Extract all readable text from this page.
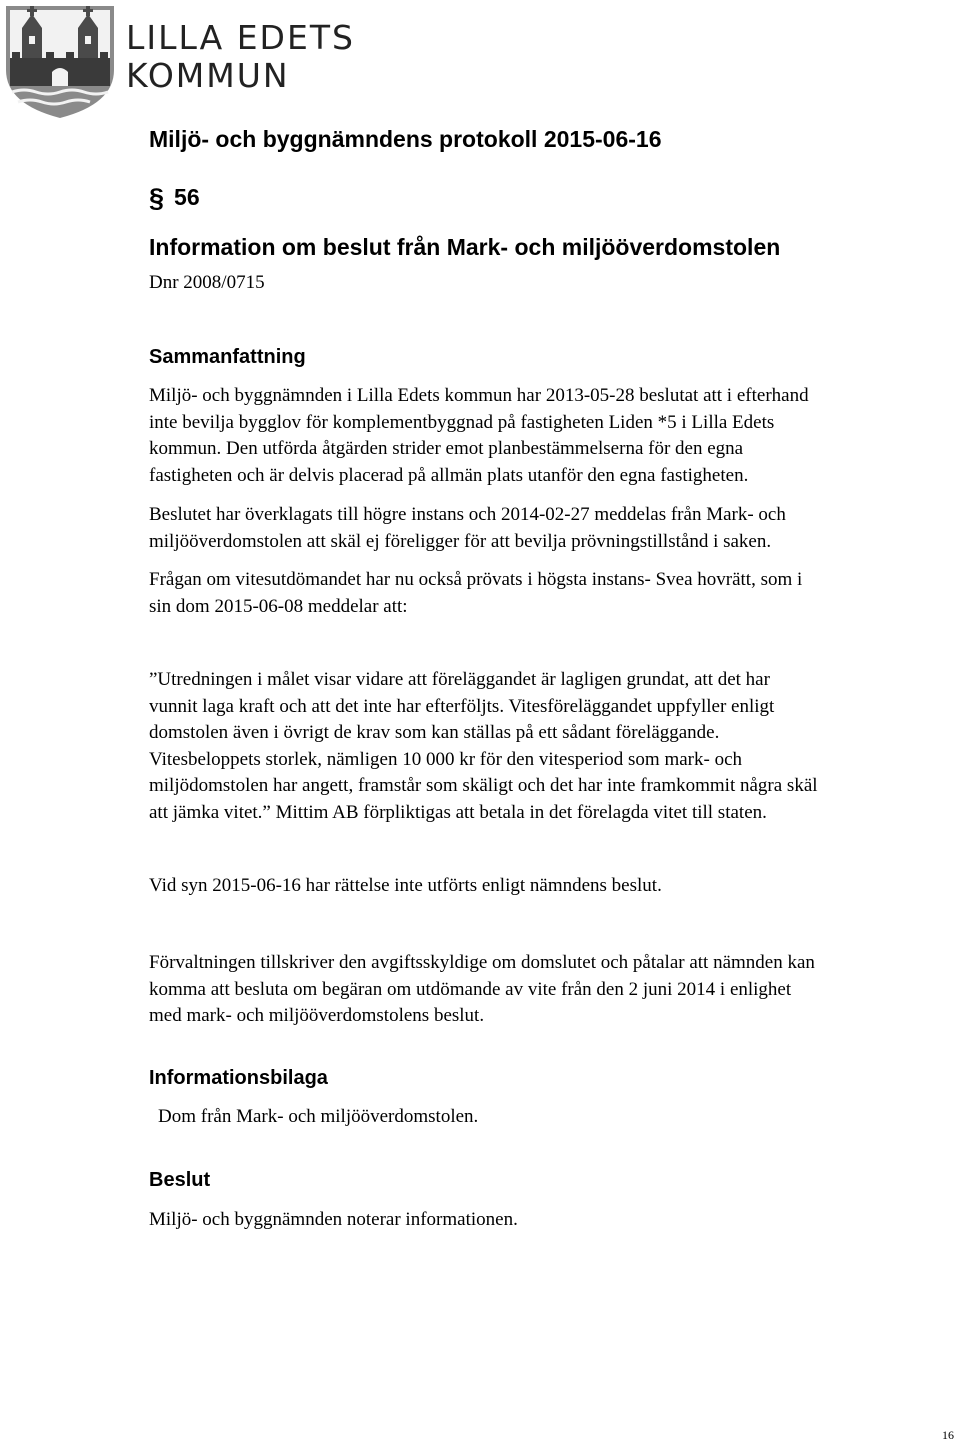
LILLA EDETS
KOMMUN
Miljö- och byggnämndens protokoll 2015-06-16
§ 56
Information om beslut från Mark- och miljööverdomstolen
Dnr 2008/0715
Sammanfattning

Miljö- och byggnämnden i Lilla Edets kommun har 2013-05-28 beslutat att i efterhand
inte bevilja bygglov för komplementbyggnad på fastigheten Liden *5 i Lilla Edets
kommun. Den utförda åtgärden strider emot planbestämmelserna för den egna
fastigheten och är delvis placerad på allmän plats utanför den egna fastigheten.

Beslutet har överklagats till högre instans och 2014-02-27 meddelas från Mark- och
miljööverdomstolen att skäl ej föreligger för att bevilja prövningstillstånd i saken.

Frågan om vitesutdömandet har nu också prövats i högsta instans- Svea hovrätt, som i
sin dom 2015-06-08 meddelar att:

”Utredningen i målet visar vidare att föreläggandet är lagligen grundat, att det har
vunnit laga kraft och att det inte har efterföljts. Vitesföreläggandet uppfyller enligt
domstolen även i övrigt de krav som kan ställas på ett sådant föreläggande.
Vitesbeloppets storlek, nämligen 10 000 kr för den vitesperiod som mark- och
miljödomstolen har angett, framstår som skäligt och det har inte framkommit några skäl
att jämka vitet.” Mittim AB förpliktigas att betala in det förelagda vitet till staten.

Vid syn 2015-06-16 har rättelse inte utförts enligt nämndens beslut.

Förvaltningen tillskriver den avgiftsskyldige om domslutet och påtalar att nämnden kan
komma att besluta om begäran om utdömande av vite från den 2 juni 2014 i enlighet
med mark- och miljööverdomstolens beslut.

Informationsbilaga

Dom från Mark- och miljööverdomstolen.

Beslut

Miljö- och byggnämnden noterar informationen.

16
